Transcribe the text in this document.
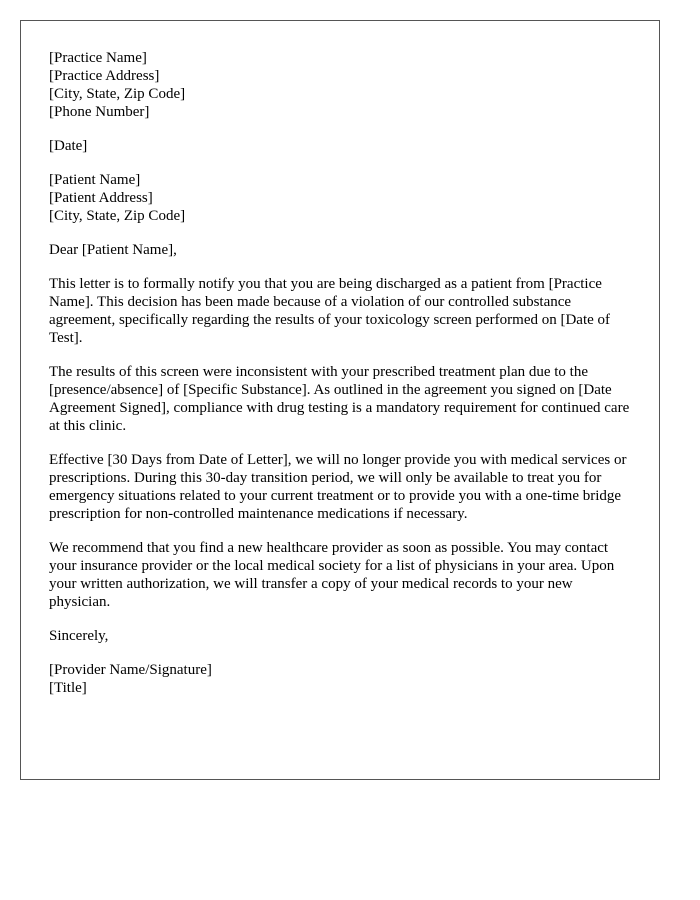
[Practice Name]
[Practice Address]
[City, State, Zip Code]
[Phone Number]
[Date]
[Patient Name]
[Patient Address]
[City, State, Zip Code]
Dear [Patient Name],

This letter is to formally notify you that you are being discharged as a patient from [Practice Name]. This decision has been made because of a violation of our controlled substance agreement, specifically regarding the results of your toxicology screen performed on [Date of Test].

The results of this screen were inconsistent with your prescribed treatment plan due to the [presence/absence] of [Specific Substance]. As outlined in the agreement you signed on [Date Agreement Signed], compliance with drug testing is a mandatory requirement for continued care at this clinic.

Effective [30 Days from Date of Letter], we will no longer provide you with medical services or prescriptions. During this 30-day transition period, we will only be available to treat you for emergency situations related to your current treatment or to provide you with a one-time bridge prescription for non-controlled maintenance medications if necessary.

We recommend that you find a new healthcare provider as soon as possible. You may contact your insurance provider or the local medical society for a list of physicians in your area. Upon your written authorization, we will transfer a copy of your medical records to your new physician.

Sincerely,
[Provider Name/Signature]
[Title]
